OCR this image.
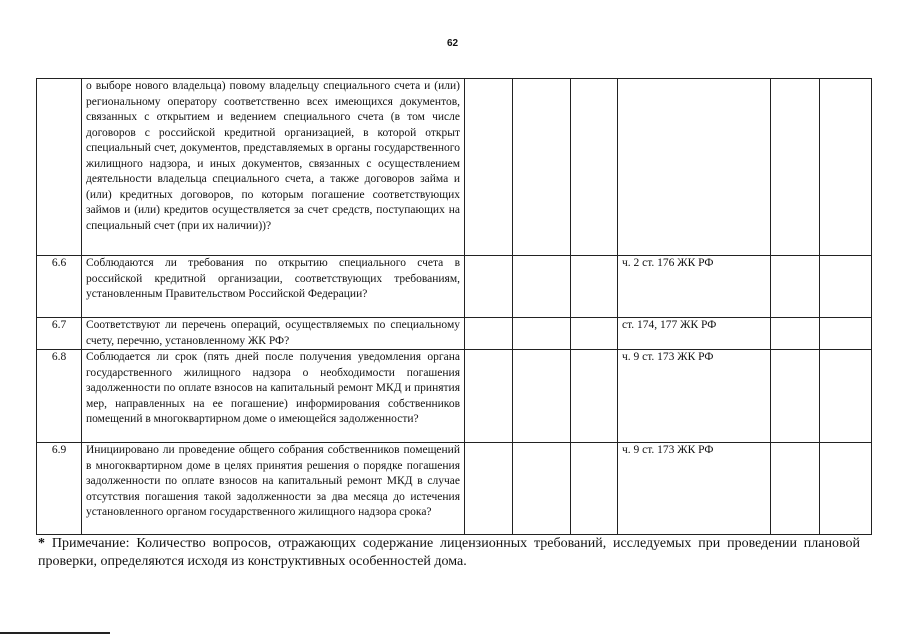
62

	о выборе нового владельца) повому владельцу специального счета и (или) региональному оператору соответственно всех имеющихся документов, связанных с открытием и ведением специального счета (в том числе договоров с российской кредитной организацией, в которой открыт специальный счет, документов, представляемых в органы государственного жилищного надзора, и иных документов, связанных с осуществлением деятельности владельца специального счета, а также договоров займа и (или) кредитных договоров, по которым погашение соответствующих займов и (или) кредитов осуществляется за счет средств, поступающих на специальный счет (при их наличии))?						

6.6	Соблюдаются ли требования по открытию специального счета в российской кредитной организации, соответствующих требованиям, установленным Правительством Российской Федерации?				ч. 2 ст. 176 ЖК РФ		
6.7	Соответствуют ли перечень операций, осуществляемых по специальному счету, перечню, установленному ЖК РФ?				ст. 174, 177 ЖК РФ		
6.8	Соблюдается ли срок (пять дней после получения уведомления органа государственного жилищного надзора о необходимости погашения задолженности по оплате взносов на капитальный ремонт МКД и принятия мер, направленных на ее погашение) информирования собственников помещений в многоквартирном доме о имеющейся задолженности?				ч. 9 ст. 173 ЖК РФ		
6.9	Инициировано ли проведение общего собрания собственников помещений в многоквартирном доме в целях принятия решения о порядке погашения задолженности по оплате взносов на капитальный ремонт МКД в случае отсутствия погашения такой задолженности за два месяца до истечения установленного органом государственного жилищного надзора срока?				ч. 9 ст. 173 ЖК РФ		
* Примечание: Количество вопросов, отражающих содержание лицензионных требований, исследуемых при проведении плановой проверки, определяются исходя из конструктивных особенностей дома.
